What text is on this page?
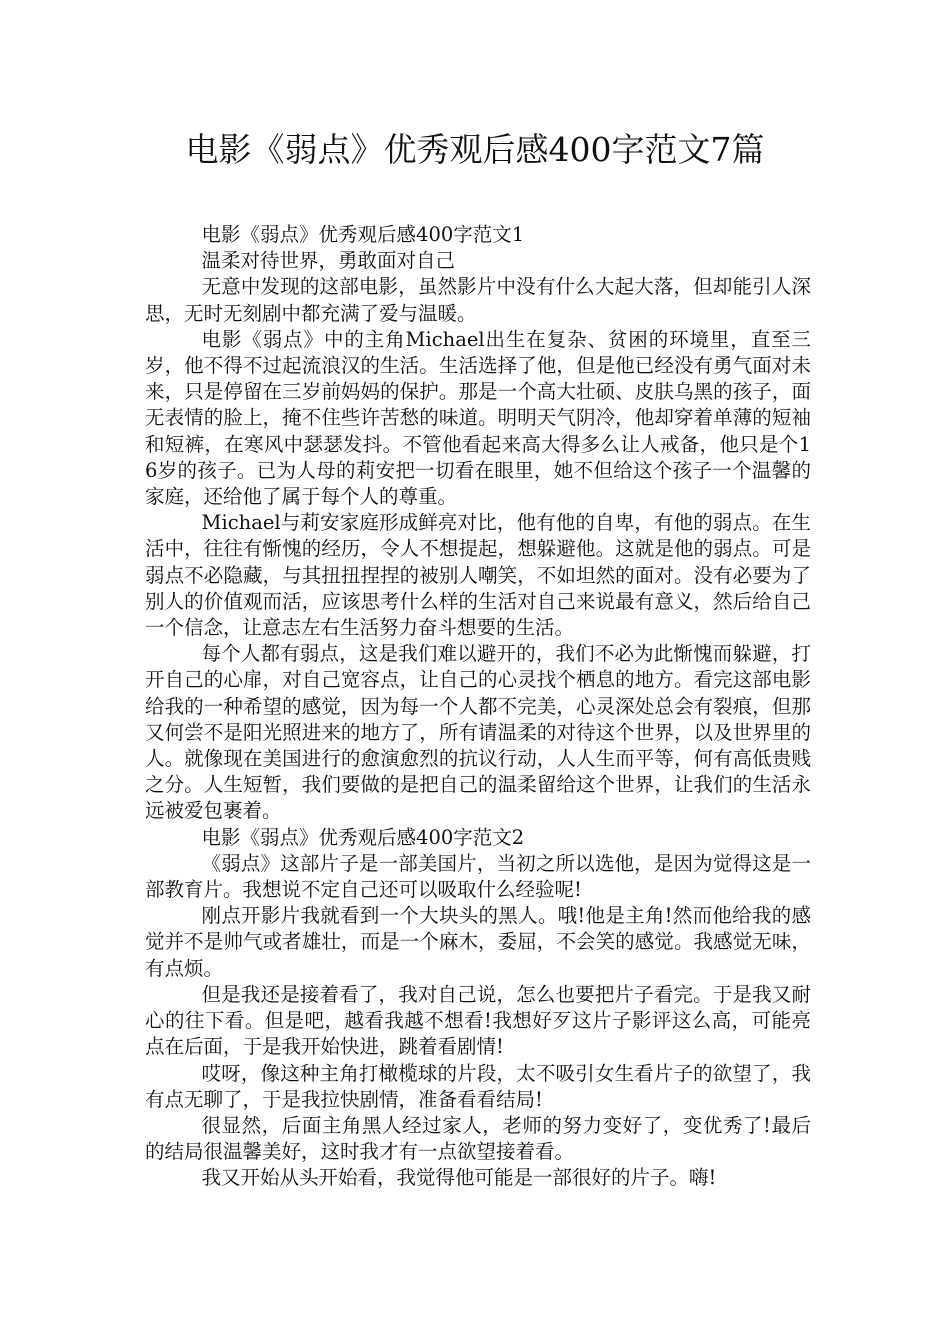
电影《弱点》优秀观后感400字范文7篇

电影《弱点》优秀观后感400字范文1

温柔对待世界，勇敢面对自己

无意中发现的这部电影，虽然影片中没有什么大起大落，但却能引人深思，无时无刻剧中都充满了爱与温暖。

电影《弱点》中的主角Michael出生在复杂、贫困的环境里，直至三岁，他不得不过起流浪汉的生活。生活选择了他，但是他已经没有勇气面对未来，只是停留在三岁前妈妈的保护。那是一个高大壮硕、皮肤乌黑的孩子，面无表情的脸上，掩不住些许苦愁的味道。明明天气阴冷，他却穿着单薄的短袖和短裤，在寒风中瑟瑟发抖。不管他看起来高大得多么让人戒备，他只是个16岁的孩子。已为人母的莉安把一切看在眼里，她不但给这个孩子一个温馨的家庭，还给他了属于每个人的尊重。

Michael与莉安家庭形成鲜亮对比，他有他的自卑，有他的弱点。在生活中，往往有惭愧的经历，令人不想提起，想躲避他。这就是他的弱点。可是弱点不必隐藏，与其扭扭捏捏的被别人嘲笑，不如坦然的面对。没有必要为了别人的价值观而活，应该思考什么样的生活对自己来说最有意义，然后给自己一个信念，让意志左右生活努力奋斗想要的生活。

每个人都有弱点，这是我们难以避开的，我们不必为此惭愧而躲避，打开自己的心扉，对自己宽容点，让自己的心灵找个栖息的地方。看完这部电影给我的一种希望的感觉，因为每一个人都不完美，心灵深处总会有裂痕，但那又何尝不是阳光照进来的地方了，所有请温柔的对待这个世界，以及世界里的人。就像现在美国进行的愈演愈烈的抗议行动，人人生而平等，何有高低贵贱之分。人生短暂，我们要做的是把自己的温柔留给这个世界，让我们的生活永远被爱包裹着。

电影《弱点》优秀观后感400字范文2

《弱点》这部片子是一部美国片，当初之所以选他，是因为觉得这是一部教育片。我想说不定自己还可以吸取什么经验呢!

刚点开影片我就看到一个大块头的黑人。哦!他是主角!然而他给我的感觉并不是帅气或者雄壮，而是一个麻木，委屈，不会笑的感觉。我感觉无味，有点烦。

但是我还是接着看了，我对自己说，怎么也要把片子看完。于是我又耐心的往下看。但是吧，越看我越不想看!我想好歹这片子影评这么高，可能亮点在后面，于是我开始快进，跳着看剧情!

哎呀，像这种主角打橄榄球的片段，太不吸引女生看片子的欲望了，我有点无聊了，于是我拉快剧情，准备看看结局!

很显然，后面主角黑人经过家人，老师的努力变好了，变优秀了!最后的结局很温馨美好，这时我才有一点欲望接着看。

我又开始从头开始看，我觉得他可能是一部很好的片子。嗨!
